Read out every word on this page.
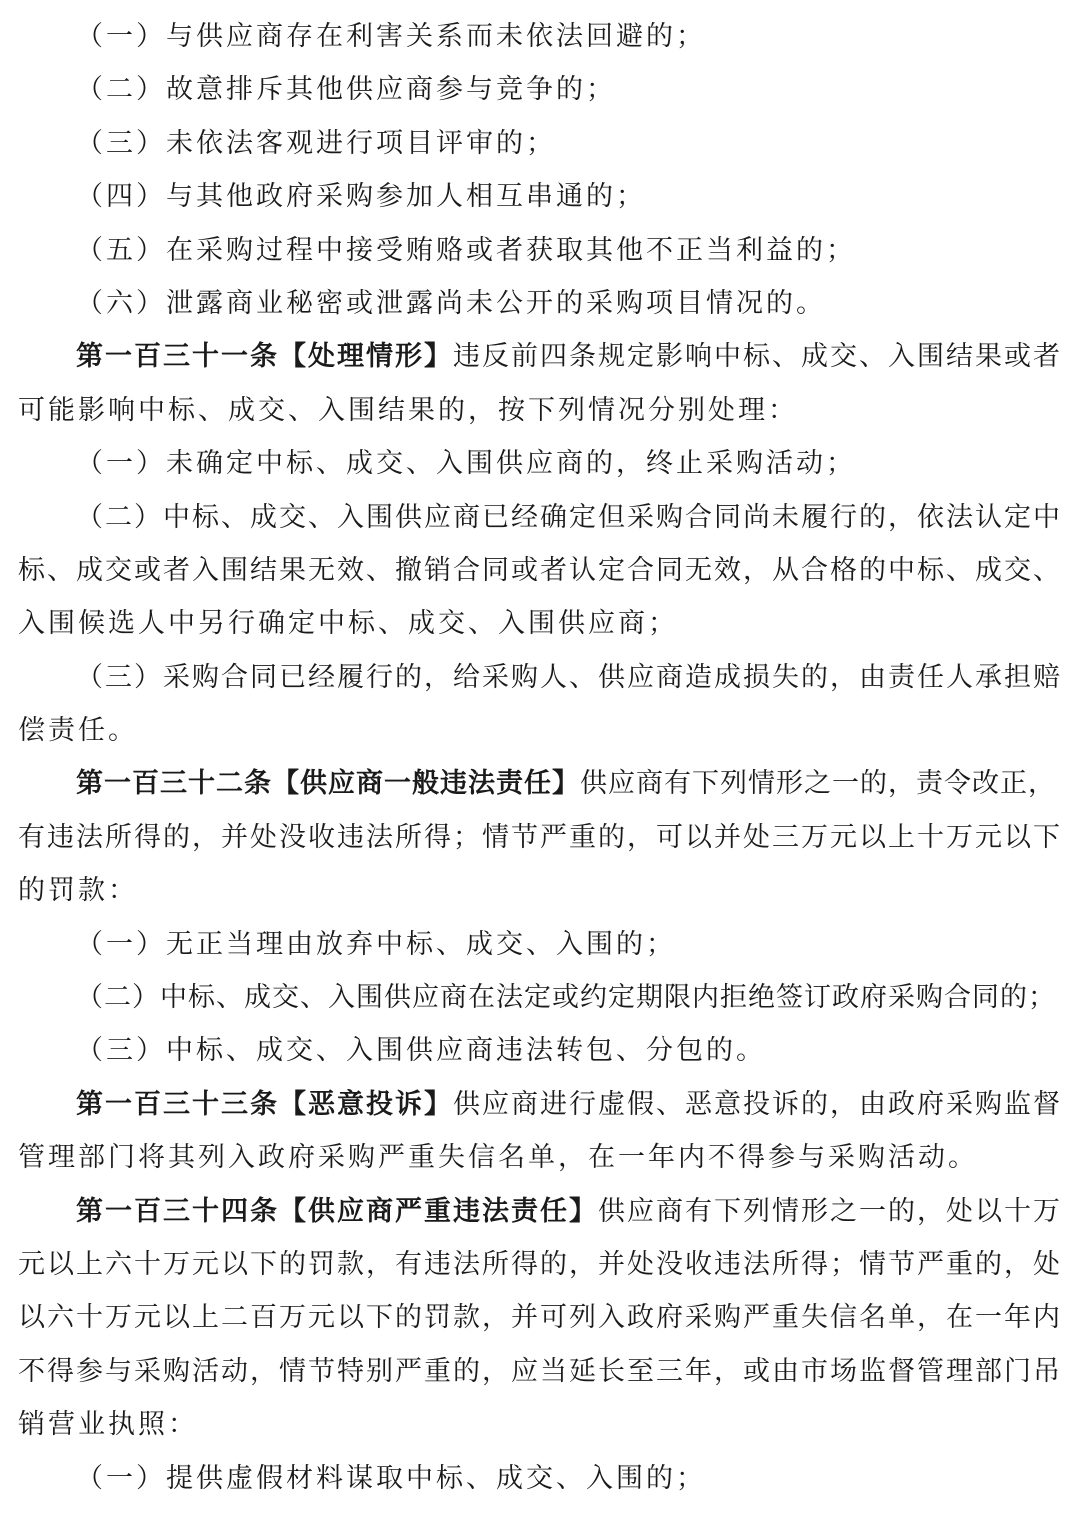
（一）与供应商存在利害关系而未依法回避的；
（二）故意排斥其他供应商参与竞争的；
（三）未依法客观进行项目评审的；
（四）与其他政府采购参加人相互串通的；
（五）在采购过程中接受贿赂或者获取其他不正当利益的；
（六）泄露商业秘密或泄露尚未公开的采购项目情况的。
第一百三十一条【处理情形】违反前四条规定影响中标、成交、入围结果或者
可能影响中标、成交、入围结果的，按下列情况分别处理：
（一）未确定中标、成交、入围供应商的，终止采购活动；
（二）中标、成交、入围供应商已经确定但采购合同尚未履行的，依法认定中
标、成交或者入围结果无效、撤销合同或者认定合同无效，从合格的中标、成交、
入围候选人中另行确定中标、成交、入围供应商；
（三）采购合同已经履行的，给采购人、供应商造成损失的，由责任人承担赔
偿责任。
第一百三十二条【供应商一般违法责任】供应商有下列情形之一的，责令改正，
有违法所得的，并处没收违法所得；情节严重的，可以并处三万元以上十万元以下
的罚款：
（一）无正当理由放弃中标、成交、入围的；
（二）中标、成交、入围供应商在法定或约定期限内拒绝签订政府采购合同的；
（三）中标、成交、入围供应商违法转包、分包的。
第一百三十三条【恶意投诉】供应商进行虚假、恶意投诉的，由政府采购监督
管理部门将其列入政府采购严重失信名单，在一年内不得参与采购活动。
第一百三十四条【供应商严重违法责任】供应商有下列情形之一的，处以十万
元以上六十万元以下的罚款，有违法所得的，并处没收违法所得；情节严重的，处
以六十万元以上二百万元以下的罚款，并可列入政府采购严重失信名单，在一年内
不得参与采购活动，情节特别严重的，应当延长至三年，或由市场监督管理部门吊
销营业执照：
（一）提供虚假材料谋取中标、成交、入围的；
